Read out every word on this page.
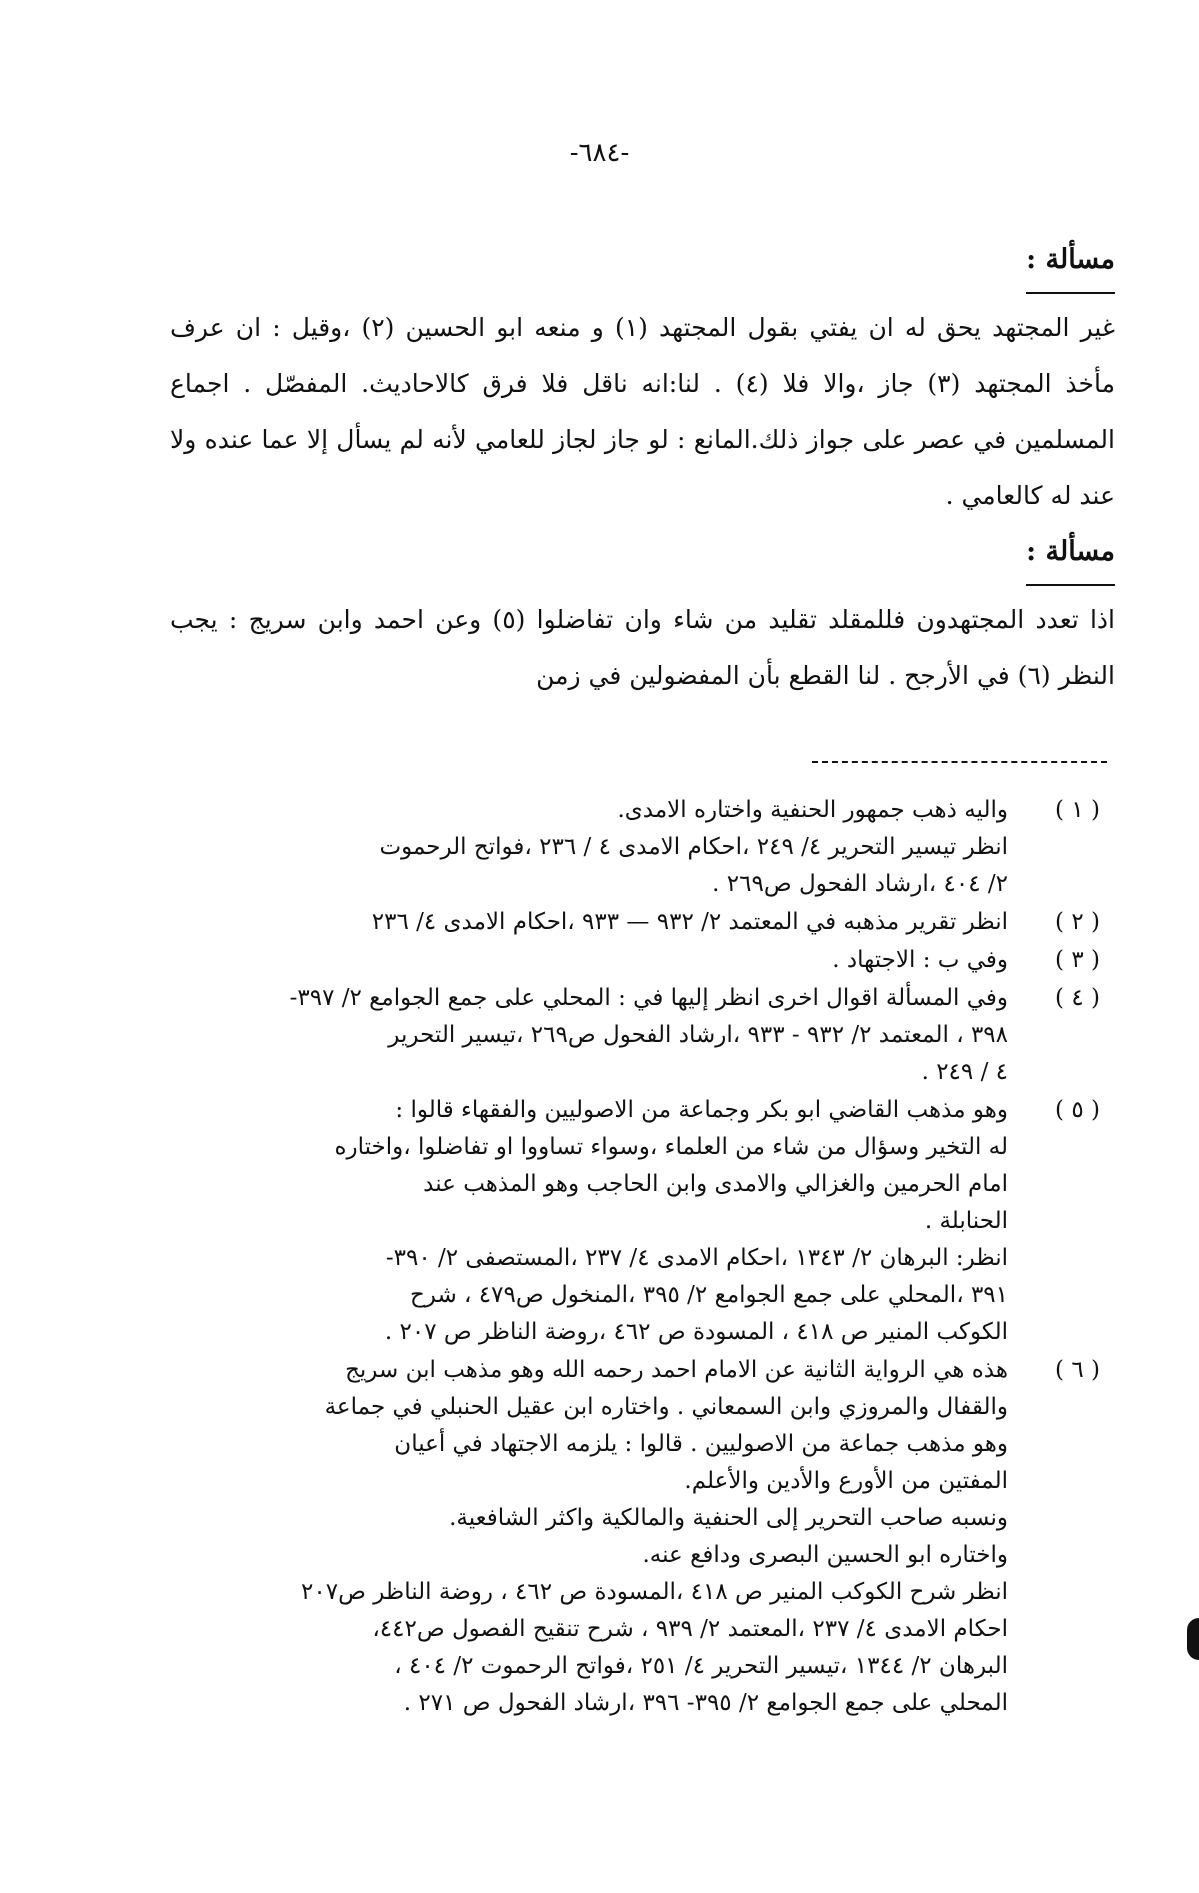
-٦٨٤-
مسألة :
غير المجتهد يحق له ان يفتي بقول المجتهد (١) و منعه ابو الحسين (٢) ،وقيل : ان عرف مأخذ المجتهد (٣) جاز ،والا فلا (٤) . لنا:انه ناقل فلا فرق كالاحاديث. المفصّل . اجماع المسلمين في عصر على جواز ذلك.المانع : لو جاز لجاز للعامي لأنه لم يسأل إلا عما عنده ولا عند له كالعامي .
مسألة :
اذا تعدد المجتهدون فللمقلد تقليد من شاء وان تفاضلوا (٥) وعن احمد وابن سريج : يجب النظر (٦) في الأرجح . لنا القطع بأن المفضولين في زمن
( ١ )
واليه ذهب جمهور الحنفية واختاره الامدى.
انظر تيسير التحرير ٤/ ٢٤٩ ،احكام الامدى ٤ / ٢٣٦ ،فواتح الرحموت
٢/ ٤٠٤ ،ارشاد الفحول ص٢٦٩ .
( ٢ )
انظر تقرير مذهبه في المعتمد ٢/ ٩٣٢ — ٩٣٣ ،احكام الامدى ٤/ ٢٣٦
( ٣ )
وفي ب : الاجتهاد .
( ٤ )
وفي المسألة اقوال اخرى انظر إليها في : المحلي على جمع الجوامع ٢/ ٣٩٧-
٣٩٨ ، المعتمد ٢/ ٩٣٢ - ٩٣٣ ،ارشاد الفحول ص٢٦٩ ،تيسير التحرير
٤ / ٢٤٩ .
( ٥ )
وهو مذهب القاضي ابو بكر وجماعة من الاصوليين والفقهاء قالوا :
له التخير وسؤال من شاء من العلماء ،وسواء تساووا او تفاضلوا ،واختاره
امام الحرمين والغزالي والامدى وابن الحاجب وهو المذهب عند
الحنابلة .
انظر: البرهان ٢/ ١٣٤٣ ،احكام الامدى ٤/ ٢٣٧ ،المستصفى ٢/ ٣٩٠-
٣٩١ ،المحلي على جمع الجوامع ٢/ ٣٩٥ ،المنخول ص٤٧٩ ، شرح
الكوكب المنير ص ٤١٨ ، المسودة ص ٤٦٢ ،روضة الناظر ص ٢٠٧ .
( ٦ )
هذه هي الرواية الثانية عن الامام احمد رحمه الله وهو مذهب ابن سريج
والقفال والمروزي وابن السمعاني . واختاره ابن عقيل الحنبلي في جماعة
وهو مذهب جماعة من الاصوليين . قالوا : يلزمه الاجتهاد في أعيان
المفتين من الأورع والأدين والأعلم.
ونسبه صاحب التحرير إلى الحنفية والمالكية واكثر الشافعية.
واختاره ابو الحسين البصرى ودافع عنه.
انظر شرح الكوكب المنير ص ٤١٨ ،المسودة ص ٤٦٢ ، روضة الناظر ص٢٠٧
احكام الامدى ٤/ ٢٣٧ ،المعتمد ٢/ ٩٣٩ ، شرح تنقيح الفصول ص٤٤٢،
البرهان ٢/ ١٣٤٤ ،تيسير التحرير ٤/ ٢٥١ ،فواتح الرحموت ٢/ ٤٠٤ ،
المحلي على جمع الجوامع ٢/ ٣٩٥- ٣٩٦ ،ارشاد الفحول ص ٢٧١ .
